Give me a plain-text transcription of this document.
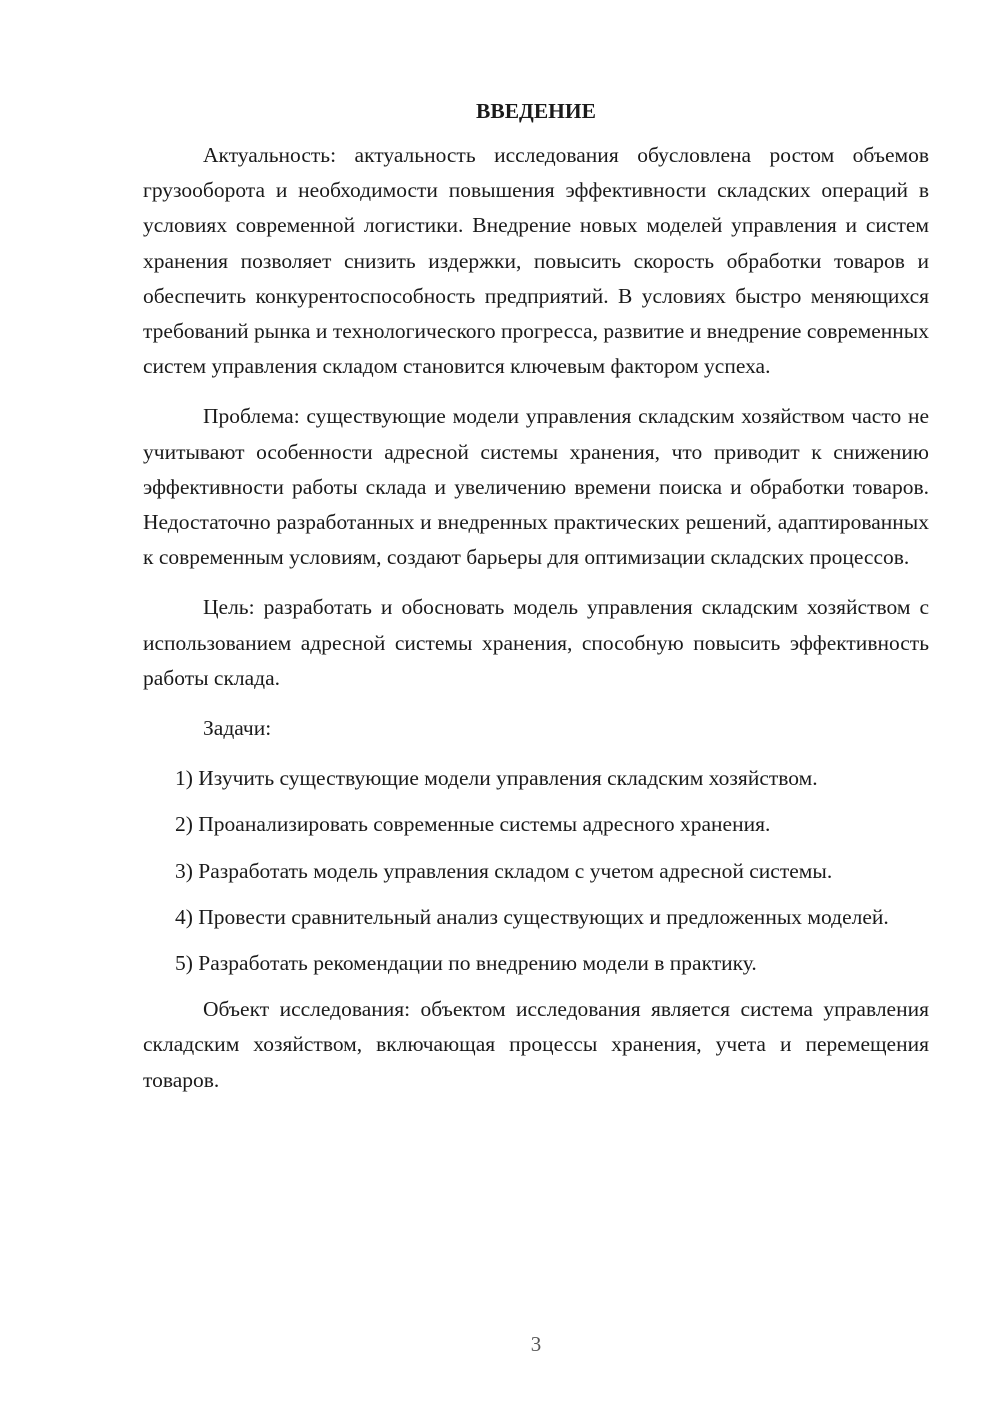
ВВЕДЕНИЕ

Актуальность: актуальность исследования обусловлена ростом объемов грузооборота и необходимости повышения эффективности складских операций в условиях современной логистики. Внедрение новых моделей управления и систем хранения позволяет снизить издержки, повысить скорость обработки товаров и обеспечить конкурентоспособность предприятий. В условиях быстро меняющихся требований рынка и технологического прогресса, развитие и внедрение современных систем управления складом становится ключевым фактором успеха.

Проблема: существующие модели управления складским хозяйством часто не учитывают особенности адресной системы хранения, что приводит к снижению эффективности работы склада и увеличению времени поиска и обработки товаров. Недостаточно разработанных и внедренных практических решений, адаптированных к современным условиям, создают барьеры для оптимизации складских процессов.

Цель: разработать и обосновать модель управления складским хозяйством с использованием адресной системы хранения, способную повысить эффективность работы склада.

Задачи:

1) Изучить существующие модели управления складским хозяйством.

2) Проанализировать современные системы адресного хранения.

3) Разработать модель управления складом с учетом адресной системы.

4) Провести сравнительный анализ существующих и предложенных моделей.

5) Разработать рекомендации по внедрению модели в практику.

Объект исследования: объектом исследования является система управления складским хозяйством, включающая процессы хранения, учета и перемещения товаров.

3
